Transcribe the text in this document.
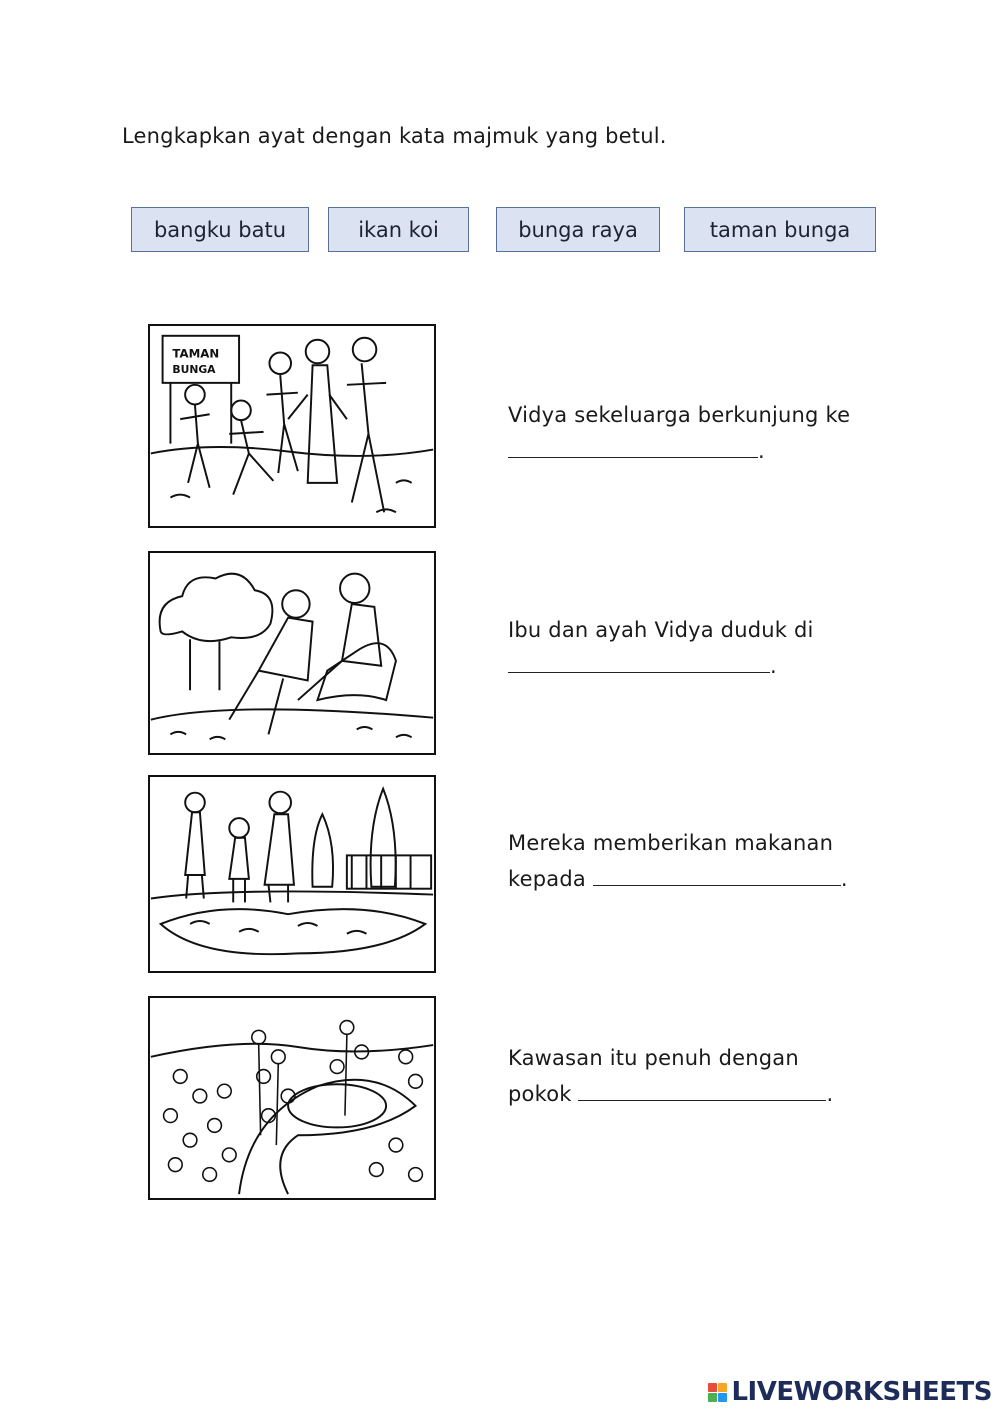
Lengkapkan ayat dengan kata majmuk yang betul.
bangku batu	ikan koi	bunga raya	taman bunga
TAMAN
BUNGA
Vidya sekeluarga berkunjung ke
.
Ibu dan ayah Vidya duduk di
.
Mereka memberikan makanan
kepada	.
Kawasan itu penuh dengan
pokok	.
LIVEWORKSHEETS
